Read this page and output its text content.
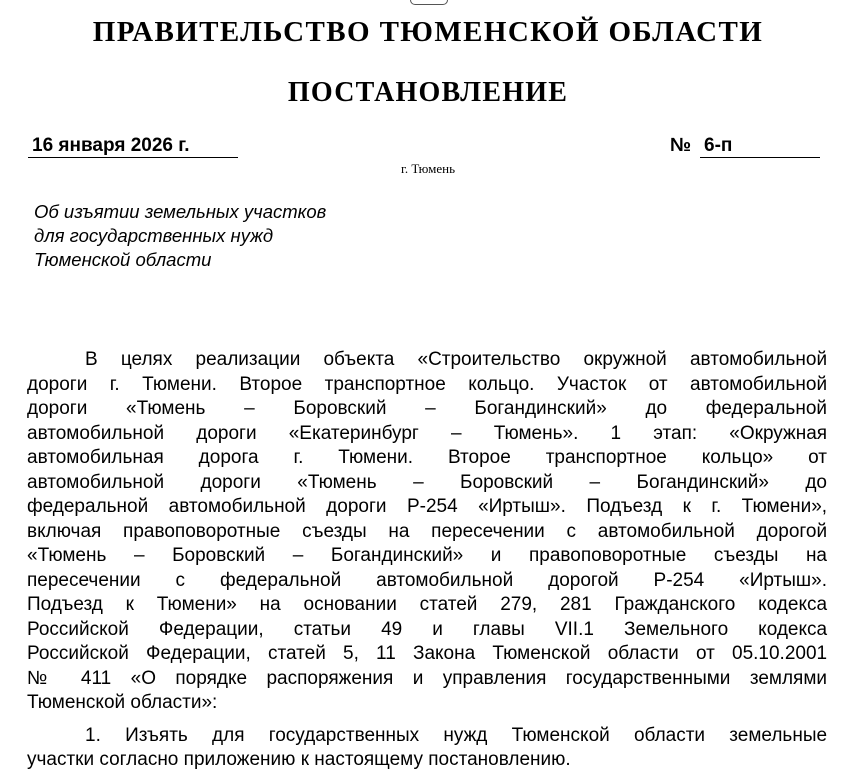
ПРАВИТЕЛЬСТВО ТЮМЕНСКОЙ ОБЛАСТИ
ПОСТАНОВЛЕНИЕ
16 января 2026 г.	№ 6-п
г. Тюмень
Об изъятии земельных участков
для государственных нужд
Тюменской области
В целях реализации объекта «Строительство окружной автомобильной
дороги г. Тюмени. Второе транспортное кольцо. Участок от автомобильной
дороги «Тюмень – Боровский – Богандинский» до федеральной
автомобильной дороги «Екатеринбург – Тюмень». 1 этап: «Окружная
автомобильная дорога г. Тюмени. Второе транспортное кольцо» от
автомобильной дороги «Тюмень – Боровский – Богандинский» до
федеральной автомобильной дороги Р-254 «Иртыш». Подъезд к г. Тюмени»,
включая правоповоротные съезды на пересечении с автомобильной дорогой
«Тюмень – Боровский – Богандинский» и правоповоротные съезды на
пересечении с федеральной автомобильной дорогой Р-254 «Иртыш».
Подъезд к Тюмени» на основании статей 279, 281 Гражданского кодекса
Российской Федерации, статьи 49 и главы VII.1 Земельного кодекса
Российской Федерации, статей 5, 11 Закона Тюменской области от 05.10.2001
№ 411 «О порядке распоряжения и управления государственными землями
Тюменской области»:
1. Изъять для государственных нужд Тюменской области земельные
участки согласно приложению к настоящему постановлению.
